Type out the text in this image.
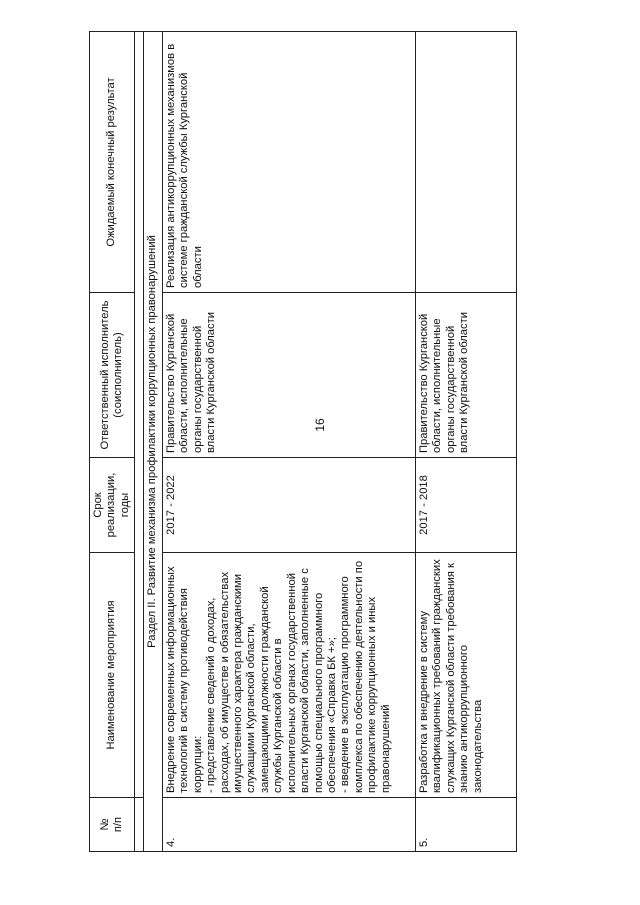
16
№
п/п	Наименование мероприятия	Срок реализации, годы	Ответственный исполнитель (соисполнитель)	Ожидаемый конечный результат

Раздел II. Развитие механизма профилактики коррупционных правонарушений				
4.	Внедрение современных информационных технологий в систему противодействия коррупции:
- представление сведений о доходах, расходах, об имуществе и обязательствах имущественного характера гражданскими служащими Курганской области, замещающими должности гражданской службы Курганской области в исполнительных органах государственной власти Курганской области, заполненные с помощью специального программного обеспечения «Справка БК +»;
- введение в эксплуатацию программного комплекса по обеспечению деятельности по профилактике коррупционных и иных правонарушений	2017 - 2022	Правительство Курганской области, исполнительные органы государственной власти Курганской области	Реализация антикоррупционных механизмов в системе гражданской службы Курганской области
5.	Разработка и внедрение в систему квалификационных требований гражданских служащих Курганской области требования к знанию антикоррупционного законодательства	2017 - 2018	Правительство Курганской области, исполнительные органы государственной власти Курганской области	
